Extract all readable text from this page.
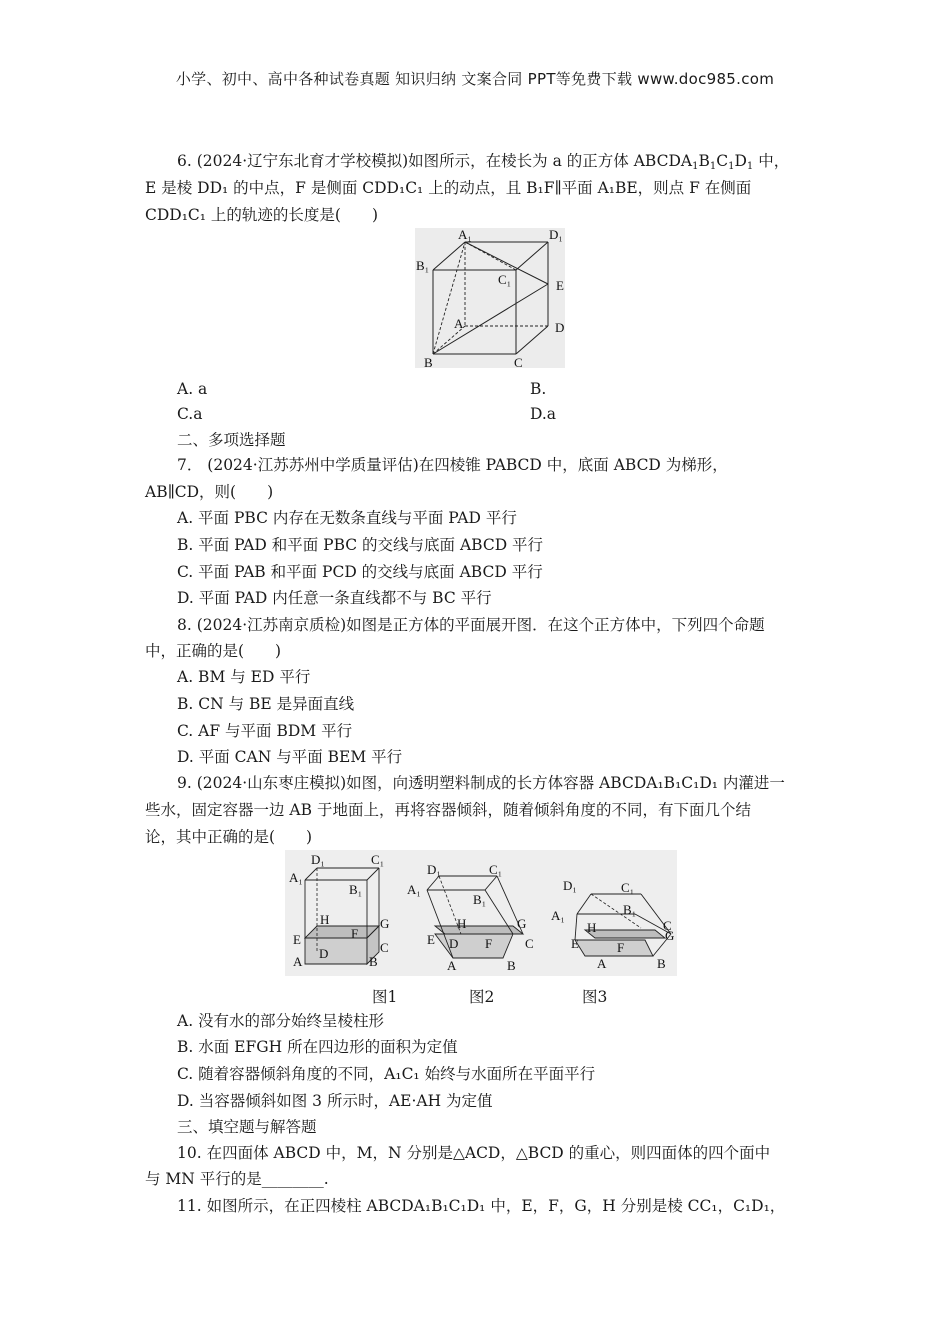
小学、初中、高中各种试卷真题 知识归纳 文案合同 PPT等免费下载 www.doc985.com
6. (2024·辽宁东北育才学校模拟)如图所示，在棱长为 a 的正方体 $ABCDA_1B_1C_1D_1$ 中，
E 是棱 DD₁ 的中点，F 是侧面 CDD₁C₁ 上的动点，且 B₁F∥平面 A₁BE，则点 F 在侧面
CDD₁C₁ 上的轨迹的长度是(　　)
A₁	D₁
B₁
C₁	E
A	D
B	C
A. a	B.
C.a	D.a
二、多项选择题
7． (2024·江苏苏州中学质量评估)在四棱锥 PABCD 中，底面 ABCD 为梯形，
AB∥CD，则(　　)
A. 平面 PBC 内存在无数条直线与平面 PAD 平行
B. 平面 PAD 和平面 PBC 的交线与底面 ABCD 平行
C. 平面 PAB 和平面 PCD 的交线与底面 ABCD 平行
D. 平面 PAD 内任意一条直线都不与 BC 平行
8. (2024·江苏南京质检)如图是正方体的平面展开图．在这个正方体中，下列四个命题
中，正确的是(　　)
A. BM 与 ED 平行
B. CN 与 BE 是异面直线
C. AF 与平面 BDM 平行
D. 平面 CAN 与平面 BEM 平行
9. (2024·山东枣庄模拟)如图，向透明塑料制成的长方体容器 ABCDA₁B₁C₁D₁ 内灌进一
些水，固定容器一边 AB 于地面上，再将容器倾斜，随着倾斜角度的不同，有下面几个结
论，其中正确的是(　　)
D₁	C₁
A₁
B₁
H	G
E	F
C
A
D
B
D₁	C₁
A₁
B₁
H	G
E	F	C
A
D
B
D₁	C₁
A₁	B₁
H
G
E	F
C
A	B
图1	图2	图3
A. 没有水的部分始终呈棱柱形
B. 水面 EFGH 所在四边形的面积为定值
C. 随着容器倾斜角度的不同，A₁C₁ 始终与水面所在平面平行
D. 当容器倾斜如图 3 所示时，AE·AH 为定值
三、填空题与解答题
10. 在四面体 ABCD 中，M，N 分别是△ACD，△BCD 的重心，则四面体的四个面中
与 MN 平行的是________.
11. 如图所示，在正四棱柱 ABCDA₁B₁C₁D₁ 中，E，F，G，H 分别是棱 CC₁，C₁D₁，
